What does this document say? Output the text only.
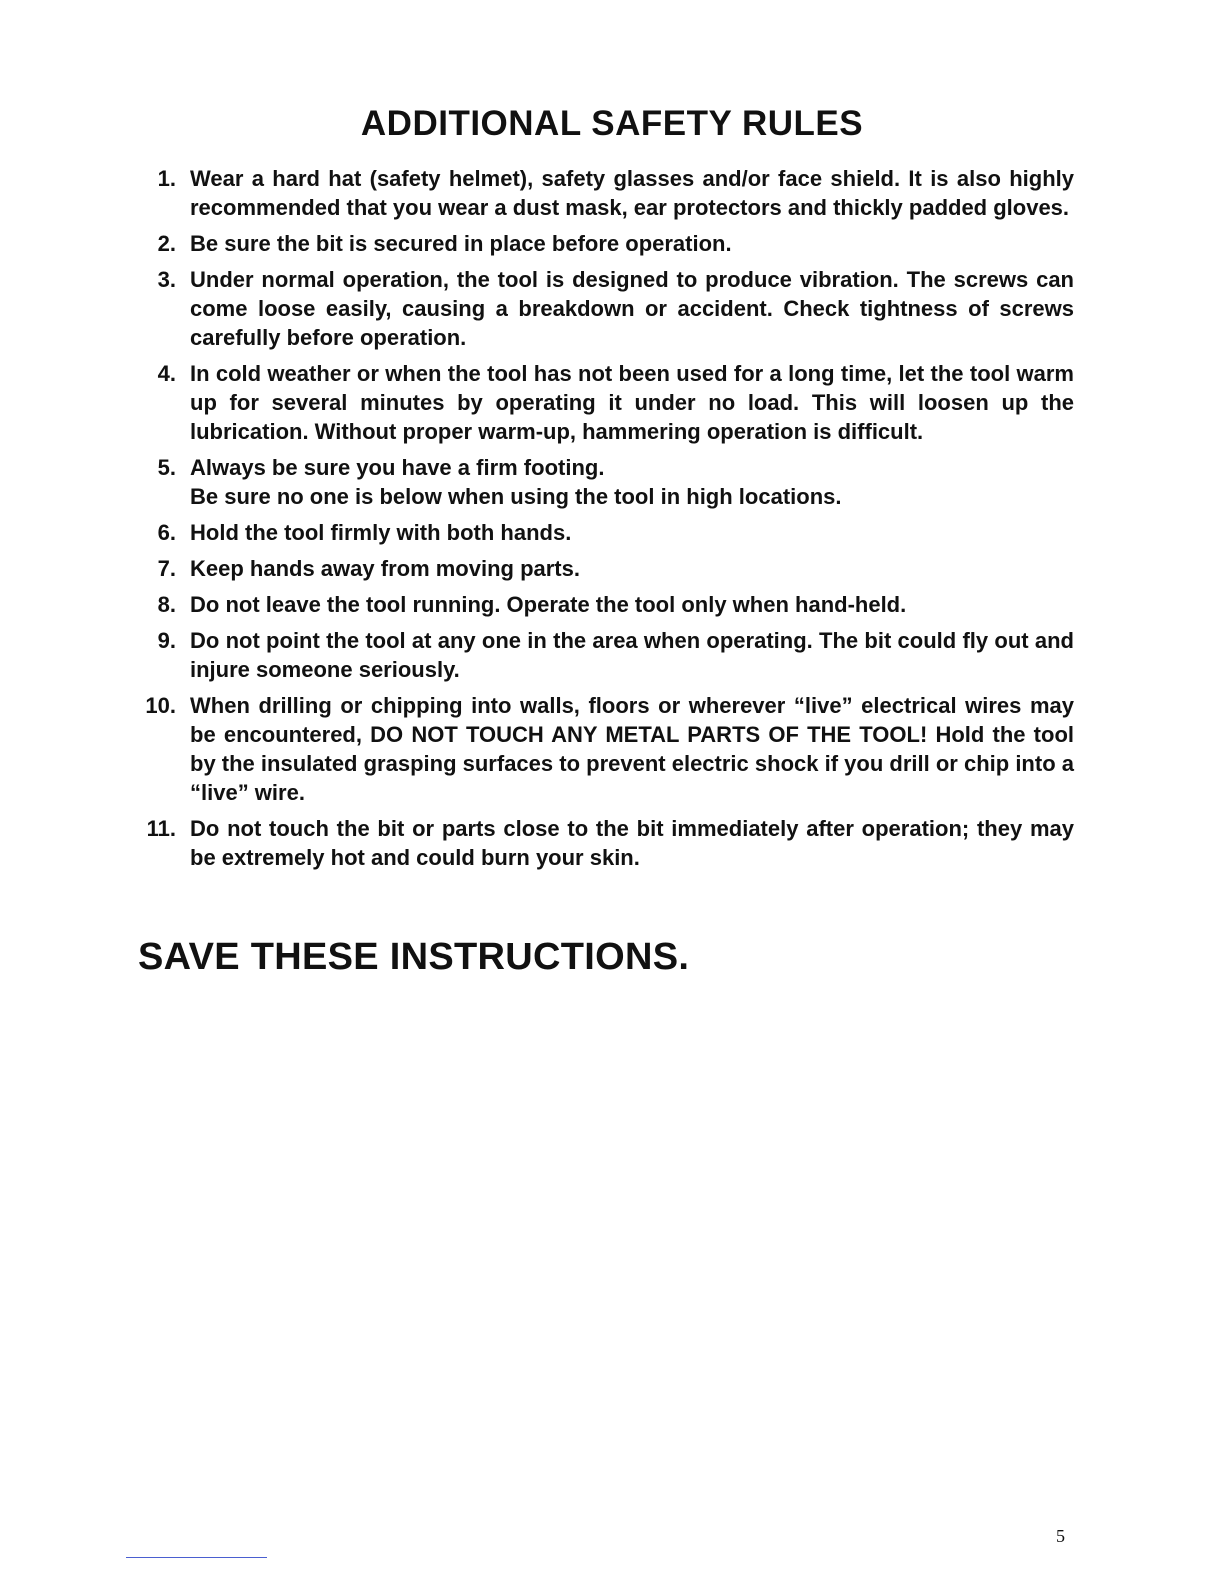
ADDITIONAL SAFETY RULES
1. Wear a hard hat (safety helmet), safety glasses and/or face shield. It is also highly recommended that you wear a dust mask, ear protectors and thickly padded gloves.
2. Be sure the bit is secured in place before operation.
3. Under normal operation, the tool is designed to produce vibration. The screws can come loose easily, causing a breakdown or accident. Check tightness of screws carefully before operation.
4. In cold weather or when the tool has not been used for a long time, let the tool warm up for several minutes by operating it under no load. This will loosen up the lubrication. Without proper warm-up, hammering operation is difficult.
5. Always be sure you have a firm footing.
Be sure no one is below when using the tool in high locations.
6. Hold the tool firmly with both hands.
7. Keep hands away from moving parts.
8. Do not leave the tool running. Operate the tool only when hand-held.
9. Do not point the tool at any one in the area when operating. The bit could fly out and injure someone seriously.
10. When drilling or chipping into walls, floors or wherever “live” electrical wires may be encountered, DO NOT TOUCH ANY METAL PARTS OF THE TOOL! Hold the tool by the insulated grasping surfaces to prevent electric shock if you drill or chip into a “live” wire.
11. Do not touch the bit or parts close to the bit immediately after operation; they may be extremely hot and could burn your skin.
SAVE THESE INSTRUCTIONS.
5
